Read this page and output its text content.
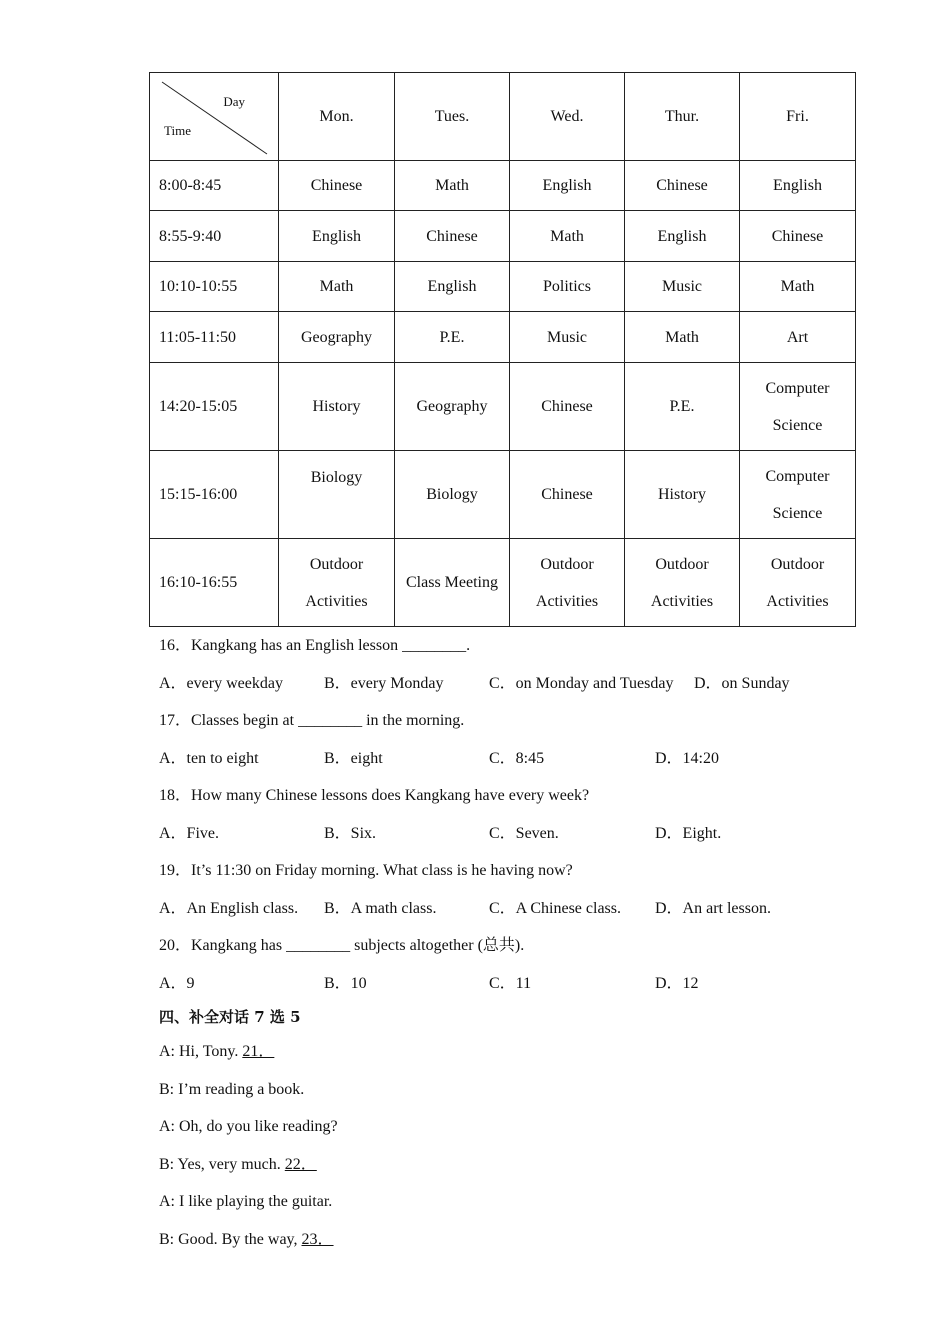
Day
Time	Mon.	Tues.	Wed.	Thur.	Fri.
8:00-8:45	Chinese	Math	English	Chinese	English
8:55-9:40	English	Chinese	Math	English	Chinese
10:10-10:55	Math	English	Politics	Music	Math
11:05-11:50	Geography	P.E.	Music	Math	Art
14:20-15:05	History	Geography	Chinese	P.E.	Computer Science
15:15-16:00	Biology	Biology	Chinese	History	Computer Science
16:10-16:55	Outdoor Activities	Class Meeting	Outdoor Activities	Outdoor Activities	Outdoor Activities
16．Kangkang has an English lesson ________.
A．every weekday	B．every Monday	C．on Monday and Tuesday D．on Sunday
17．Classes begin at ________ in the morning.
A．ten to eight	B．eight	C．8:45	D．14:20
18．How many Chinese lessons does Kangkang have every week?
A．Five.	B．Six.	C．Seven.	D．Eight.
19．It’s 11:30 on Friday morning. What class is he having now?
A．An English class. B．A math class.	C．A Chinese class. D．An art lesson.
20．Kangkang has ________ subjects altogether (总共).
A．9	B．10	C．11	D．12
四、补全对话 7 选 5
A: Hi, Tony. 21．
B: I’m reading a book.
A: Oh, do you like reading?
B: Yes, very much. 22．
A: I like playing the guitar.
B: Good. By the way, 23．
